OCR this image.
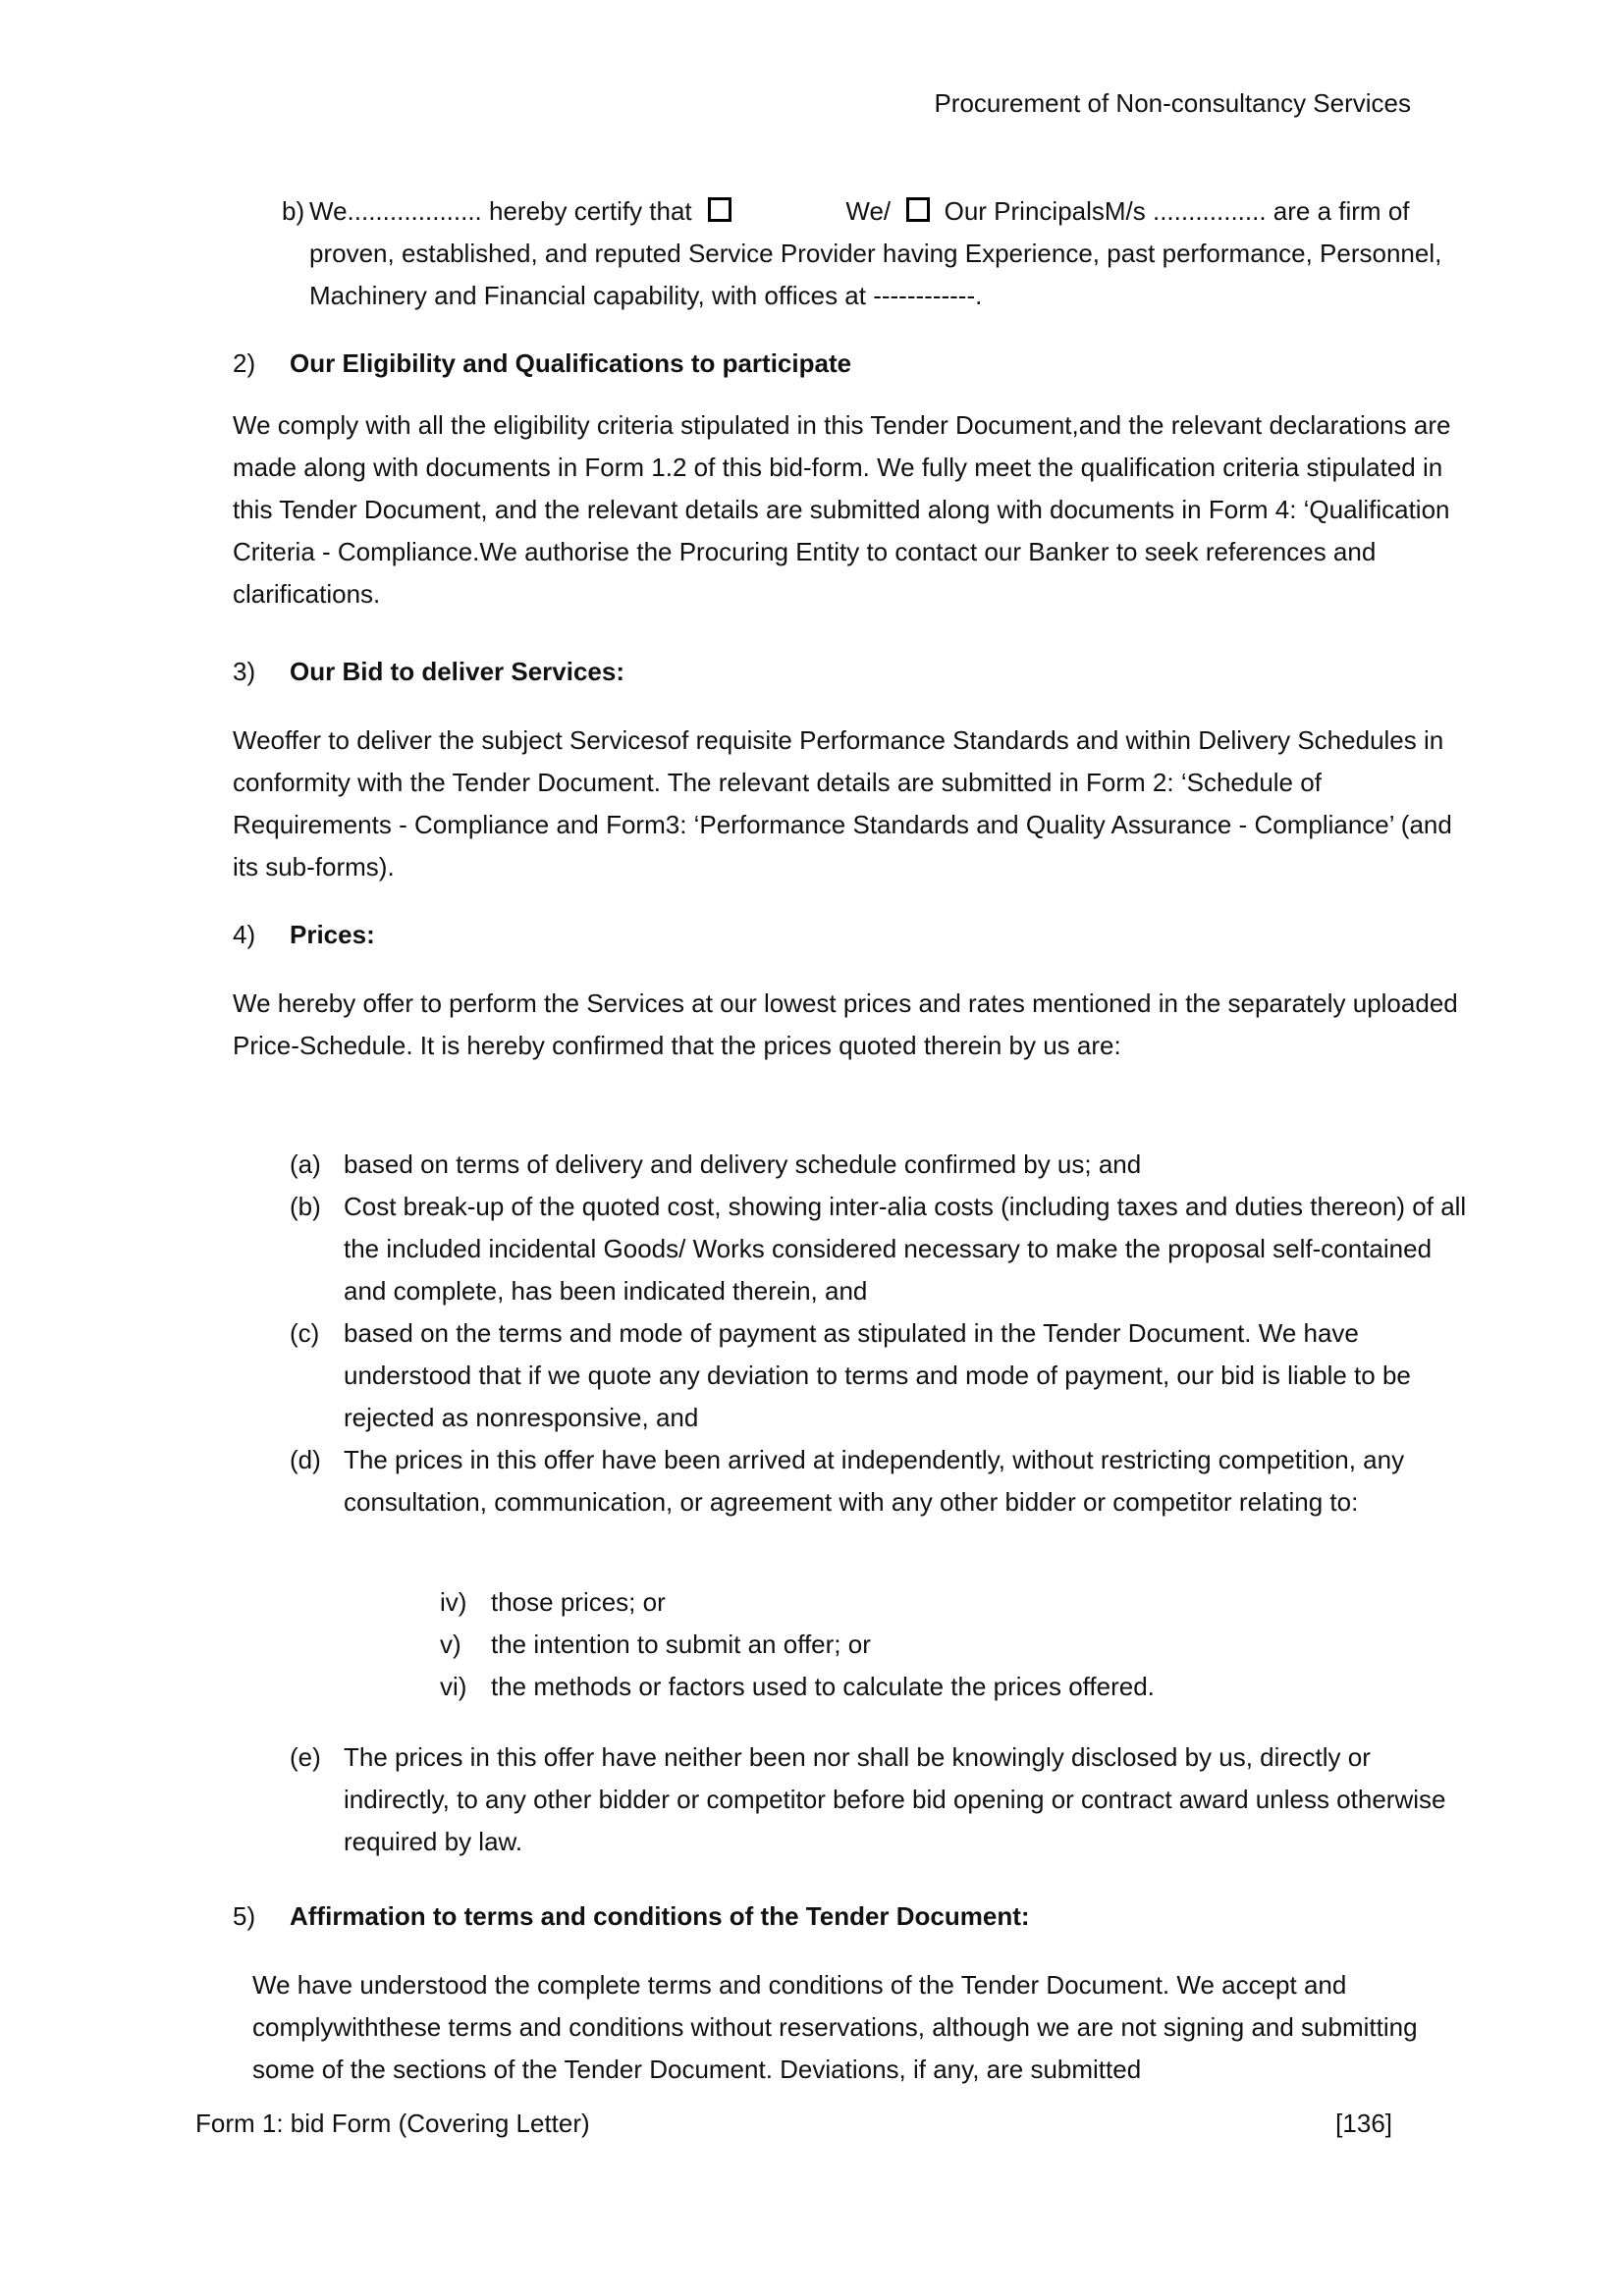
Procurement of Non-consultancy Services
b) We................... hereby certify that	We/ Our PrincipalsM/s ................ are a firm of proven, established, and reputed Service Provider having Experience, past performance, Personnel, Machinery and Financial capability, with offices at ------------.
2) Our Eligibility and Qualifications to participate
We comply with all the eligibility criteria stipulated in this Tender Document,and the relevant declarations are made along with documents in Form 1.2 of this bid-form. We fully meet the qualification criteria stipulated in this Tender Document, and the relevant details are submitted along with documents in Form 4: ‘Qualification Criteria - Compliance.We authorise the Procuring Entity to contact our Banker to seek references and clarifications.
3) Our Bid to deliver Services:
Weoffer to deliver the subject Servicesof requisite Performance Standards and within Delivery Schedules in conformity with the Tender Document. The relevant details are submitted in Form 2: ‘Schedule of Requirements - Compliance and Form3: ‘Performance Standards and Quality Assurance - Compliance’ (and its sub-forms).
4) Prices:
We hereby offer to perform the Services at our lowest prices and rates mentioned in the separately uploaded Price-Schedule. It is hereby confirmed that the prices quoted therein by us are:
(a) based on terms of delivery and delivery schedule confirmed by us; and
(b) Cost break-up of the quoted cost, showing inter-alia costs (including taxes and duties thereon) of all the included incidental Goods/ Works considered necessary to make the proposal self-contained and complete, has been indicated therein, and
(c) based on the terms and mode of payment as stipulated in the Tender Document. We have understood that if we quote any deviation to terms and mode of payment, our bid is liable to be rejected as nonresponsive, and
(d) The prices in this offer have been arrived at independently, without restricting competition, any consultation, communication, or agreement with any other bidder or competitor relating to:
iv) those prices; or
v)	the intention to submit an offer; or
vi) the methods or factors used to calculate the prices offered.
(e) The prices in this offer have neither been nor shall be knowingly disclosed by us, directly or indirectly, to any other bidder or competitor before bid opening or contract award unless otherwise required by law.
5) Affirmation to terms and conditions of the Tender Document:
We have understood the complete terms and conditions of the Tender Document. We accept and complywiththese terms and conditions without reservations, although we are not signing and submitting some of the sections of the Tender Document. Deviations, if any, are submitted
Form 1: bid Form (Covering Letter)	[136]
